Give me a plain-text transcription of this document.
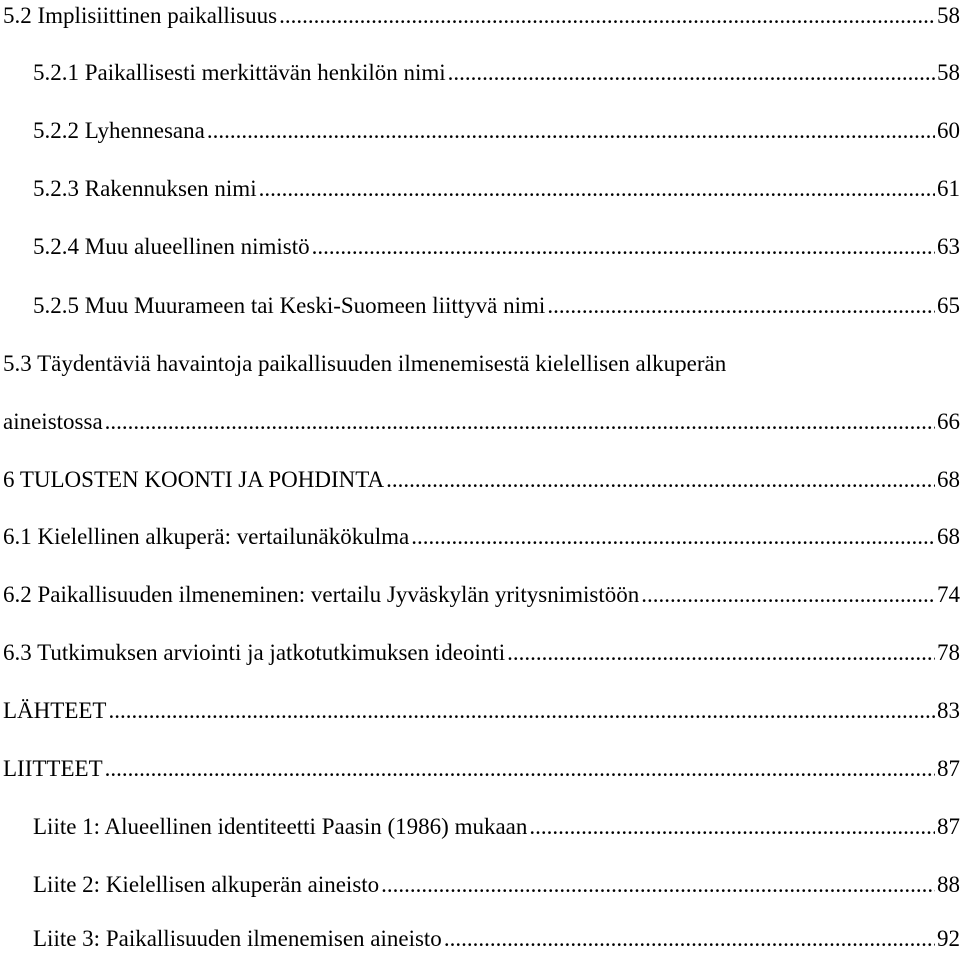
5.2 Implisiittinen paikallisuus .....	58
5.2.1 Paikallisesti merkittävän henkilön nimi .....	58
5.2.2 Lyhennesana .....	60
5.2.3 Rakennuksen nimi .....	61
5.2.4 Muu alueellinen nimistö .....	63
5.2.5 Muu Muurameen tai Keski-Suomeen liittyvä nimi .....	65
5.3 Täydentäviä havaintoja paikallisuuden ilmenemisestä kielellisen alkuperän
aineistossa .....	66
6 TULOSTEN KOONTI JA POHDINTA .....	68
6.1 Kielellinen alkuperä: vertailunäkökulma .....	68
6.2 Paikallisuuden ilmeneminen: vertailu Jyväskylän yritysnimistöön .....	74
6.3 Tutkimuksen arviointi ja jatkotutkimuksen ideointi .....	78
LÄHTEET .....	83
LIITTEET .....	87
Liite 1: Alueellinen identiteetti Paasin (1986) mukaan .....	87
Liite 2: Kielellisen alkuperän aineisto .....	88
Liite 3: Paikallisuuden ilmenemisen aineisto .....	92
